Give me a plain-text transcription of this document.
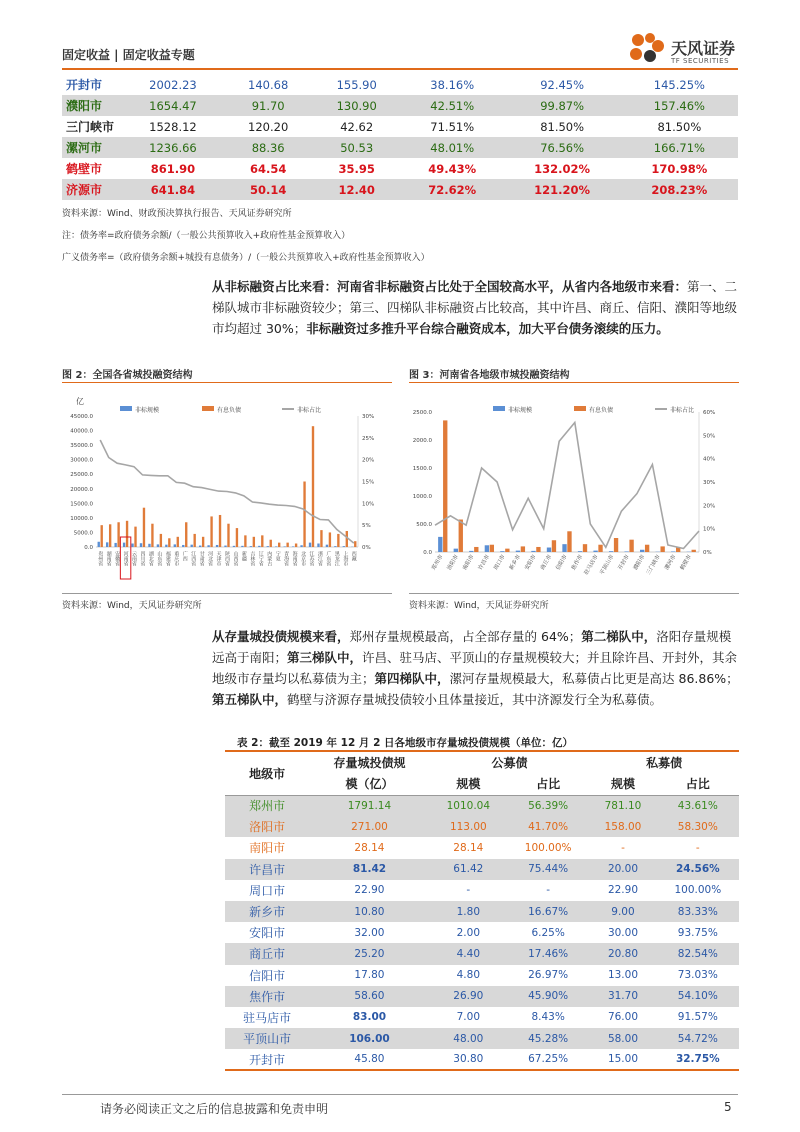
固定收益 | 固定收益专题	天风证券
TF SECURITIES
开封市	2002.23	140.68	155.90	38.16%	92.45%	145.25%
濮阳市	1654.47	91.70	130.90	42.51%	99.87%	157.46%
三门峡市	1528.12	120.20	42.62	71.51%	81.50%	81.50%
漯河市	1236.66	88.36	50.53	48.01%	76.56%	166.71%
鹤壁市	861.90	64.54	35.95	49.43%	132.02%	170.98%
济源市	641.84	50.14	12.40	72.62%	121.20%	208.23%
资料来源：Wind、财政预决算执行报告、天风证券研究所
注：债务率=政府债务余额/（一般公共预算收入+政府性基金预算收入）
广义债务率=（政府债务余额+城投有息债务）/（一般公共预算收入+政府性基金预算收入）
从非标融资占比来看：河南省非标融资占比处于全国较高水平，从省内各地级市来看：第一、二梯队城市非标融资较少；第三、四梯队非标融资占比较高，其中许昌、商丘、信阳、濮阳等地级市均超过 30%；非标融资过多推升平台综合融资成本，加大平台债务滚续的压力。
图 2：全国各省城投融资结构	图 3：河南省各地级市城投融资结构
非标规模	有息负债	非标占比
亿
45000.0
40000.0
35000.0
30000.0
25000.0
20000.0
15000.0
10000.0
5000.0
0.0
30%
25%
20%
15%
10%
5%
0%
贵州省 湖南省 安徽省 河南省 云南省 四川省 湖北省 山东省 福建省 重庆市 广西 江西省 甘肃省 河北省 天津市 陕西省 山西省 新疆 吉林省 辽宁省 内蒙古 宁夏 青海省 海南省 北京市 江苏省 浙江省 广东省 黑龙江 上海市 西藏
非标规模	有息负债	非标占比
2500.0
2000.0
1500.0
1000.0
500.0
0.0
60%
50%
40%
30%
20%
10%
0%
郑州市 洛阳市 南阳市 许昌市 周口市 新乡市 安阳市 商丘市 信阳市 焦作市 驻马店市 平顶山市 开封市 濮阳市 三门峡市 漯河市 鹤壁市
资料来源：Wind，天风证券研究所	资料来源：Wind，天风证券研究所
从存量城投债规模来看，郑州存量规模最高，占全部存量的 64%；第二梯队中，洛阳存量规模远高于南阳；第三梯队中，许昌、驻马店、平顶山的存量规模较大；并且除许昌、开封外，其余地级市存量均以私募债为主；第四梯队中，漯河存量规模最大，私募债占比更是高达 86.86%；第五梯队中，鹤壁与济源存量城投债较小且体量接近，其中济源发行全为私募债。
表 2：截至 2019 年 12 月 2 日各地级市存量城投债规模（单位：亿）
地级市	存量城投债规	公募债		私募债	
	模（亿）	规模	占比	规模	占比
郑州市	1791.14	1010.04	56.39%	781.10	43.61%
洛阳市	271.00	113.00	41.70%	158.00	58.30%
南阳市	28.14	28.14	100.00%	-	-
许昌市	81.42	61.42	75.44%	20.00	24.56%
周口市	22.90	-	-	22.90	100.00%
新乡市	10.80	1.80	16.67%	9.00	83.33%
安阳市	32.00	2.00	6.25%	30.00	93.75%
商丘市	25.20	4.40	17.46%	20.80	82.54%
信阳市	17.80	4.80	26.97%	13.00	73.03%
焦作市	58.60	26.90	45.90%	31.70	54.10%
驻马店市	83.00	7.00	8.43%	76.00	91.57%
平顶山市	106.00	48.00	45.28%	58.00	54.72%
开封市	45.80	30.80	67.25%	15.00	32.75%
请务必阅读正文之后的信息披露和免责申明	5
